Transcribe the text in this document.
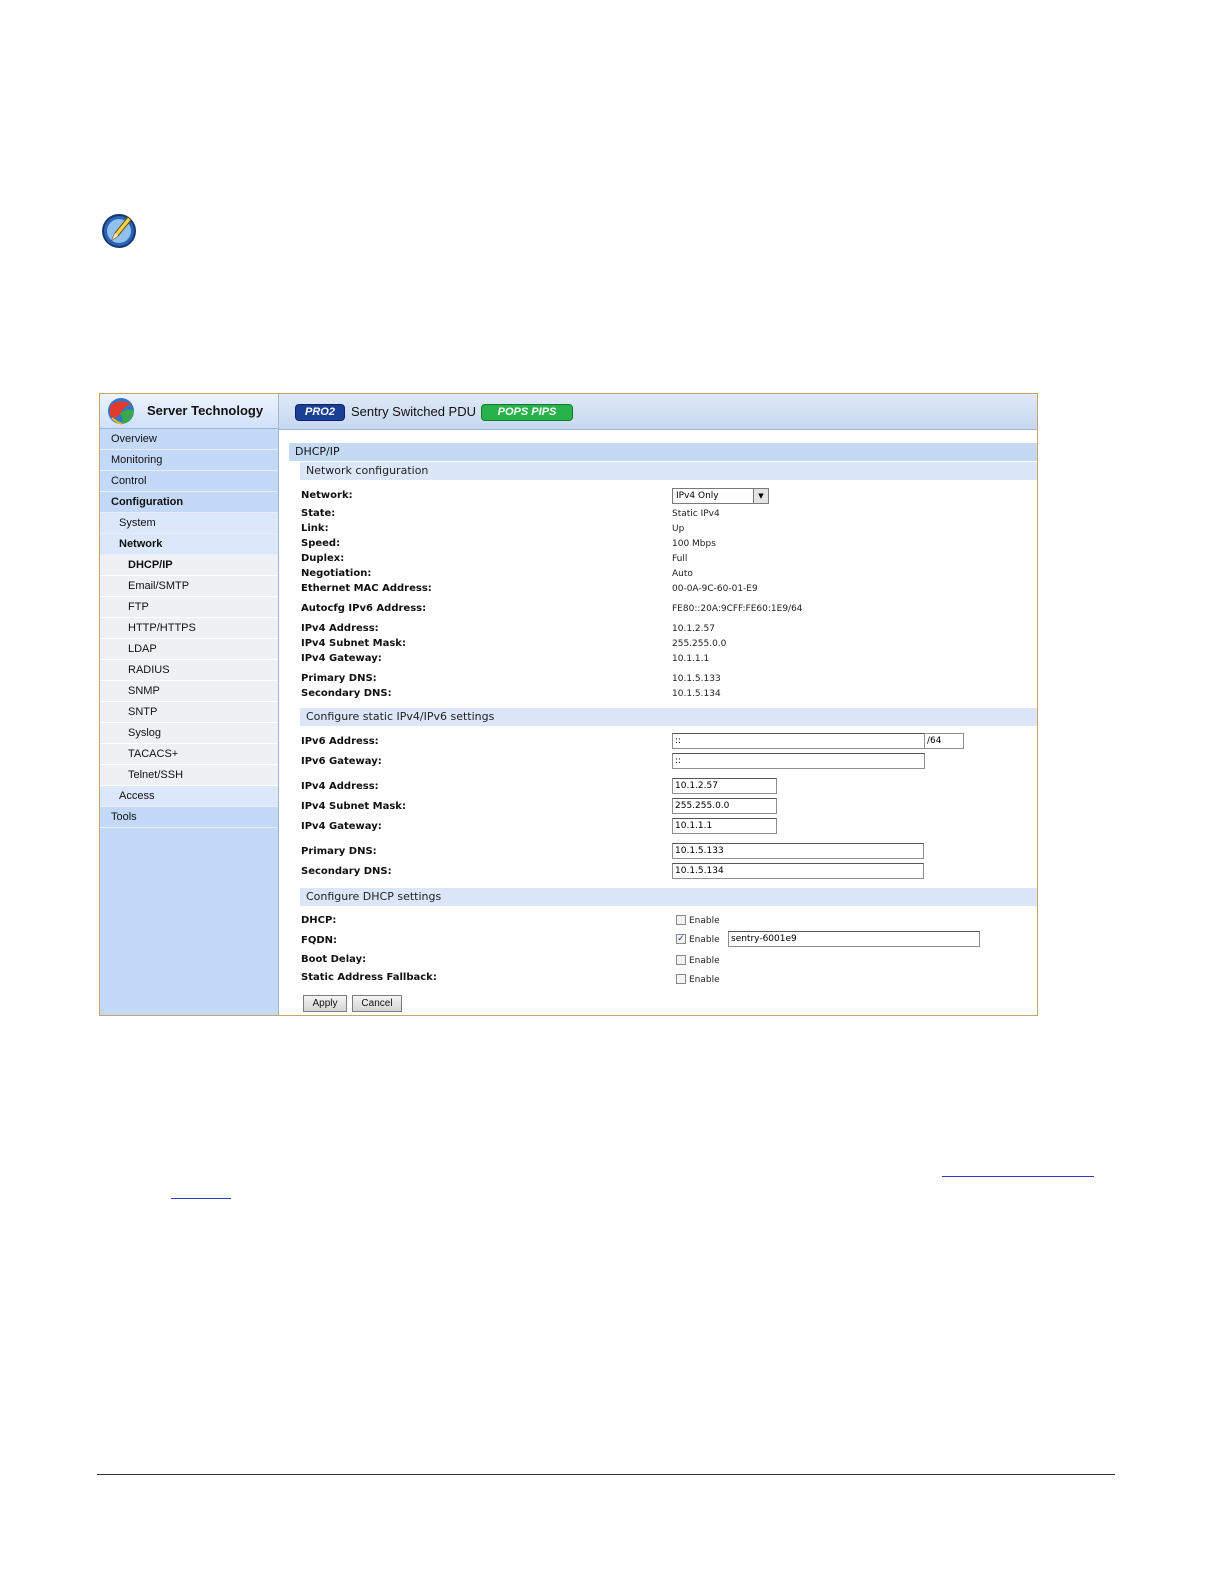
Server Technology
Overview
Monitoring
Control
Configuration
System
Network
DHCP/IP
Email/SMTP
FTP
HTTP/HTTPS
LDAP
RADIUS
SNMP
SNTP
Syslog
TACACS+
Telnet/SSH
Access
Tools
PRO2	Sentry Switched PDU	POPS PIPS
DHCP/IP
Network configuration
Network:	IPv4 Only	▼
State:	Static IPv4
Link:	Up
Speed:	100 Mbps
Duplex:	Full
Negotiation:	Auto
Ethernet MAC Address:	00-0A-9C-60-01-E9
Autocfg IPv6 Address:	FE80::20A:9CFF:FE60:1E9/64
IPv4 Address:	10.1.2.57
IPv4 Subnet Mask:	255.255.0.0
IPv4 Gateway:	10.1.1.1
Primary DNS:	10.1.5.133
Secondary DNS:	10.1.5.134
Configure static IPv4/IPv6 settings
IPv6 Address:	::	/64
IPv6 Gateway:	::
IPv4 Address:	10.1.2.57
IPv4 Subnet Mask:	255.255.0.0
IPv4 Gateway:	10.1.1.1
Primary DNS:	10.1.5.133
Secondary DNS:	10.1.5.134
Configure DHCP settings
DHCP:	Enable
FQDN:	✓ Enable	sentry-6001e9
Boot Delay:	Enable
Static Address Fallback:	Enable
Apply	Cancel
